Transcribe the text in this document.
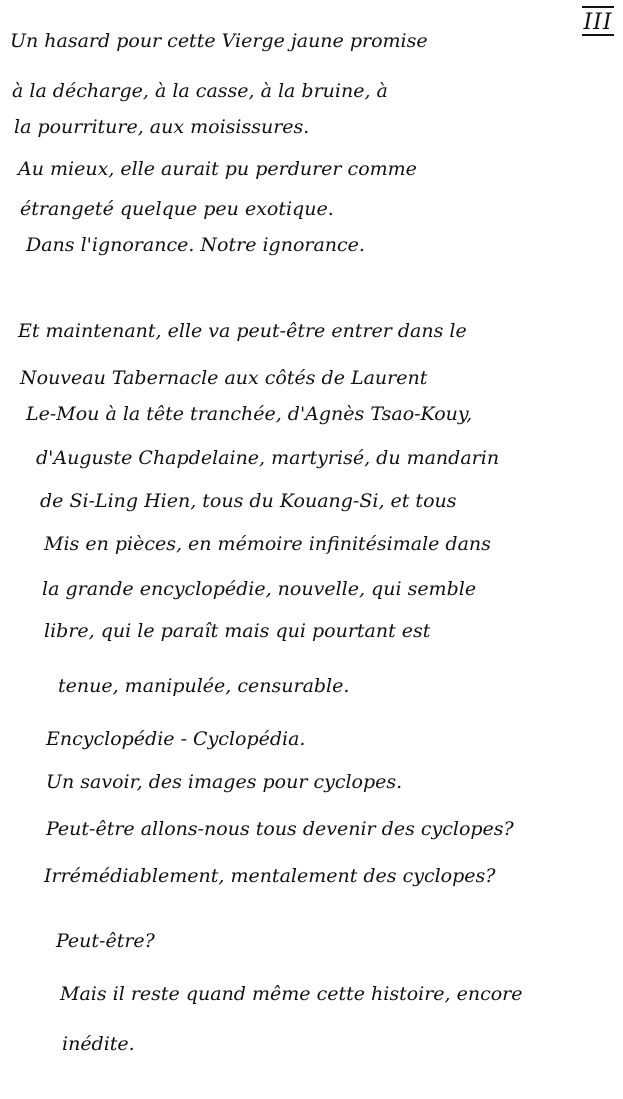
III
Un hasard pour cette Vierge jaune promise
à la décharge, à la casse, à la bruine, à
la pourriture, aux moisissures.
Au mieux, elle aurait pu perdurer comme
étrangeté quelque peu exotique.
Dans l'ignorance. Notre ignorance.
Et maintenant, elle va peut-être entrer dans le
Nouveau Tabernacle aux côtés de Laurent
Le-Mou à la tête tranchée, d'Agnès Tsao-Kouy,
d'Auguste Chapdelaine, martyrisé, du mandarin
de Si-Ling Hien, tous du Kouang-Si, et tous
Mis en pièces, en mémoire infinitésimale dans
la grande encyclopédie, nouvelle, qui semble
libre, qui le paraît mais qui pourtant est
tenue, manipulée, censurable.
Encyclopédie - Cyclopédia.
Un savoir, des images pour cyclopes.
Peut-être allons-nous tous devenir des cyclopes?
Irrémédiablement, mentalement des cyclopes?
Peut-être?
Mais il reste quand même cette histoire, encore
inédite.
